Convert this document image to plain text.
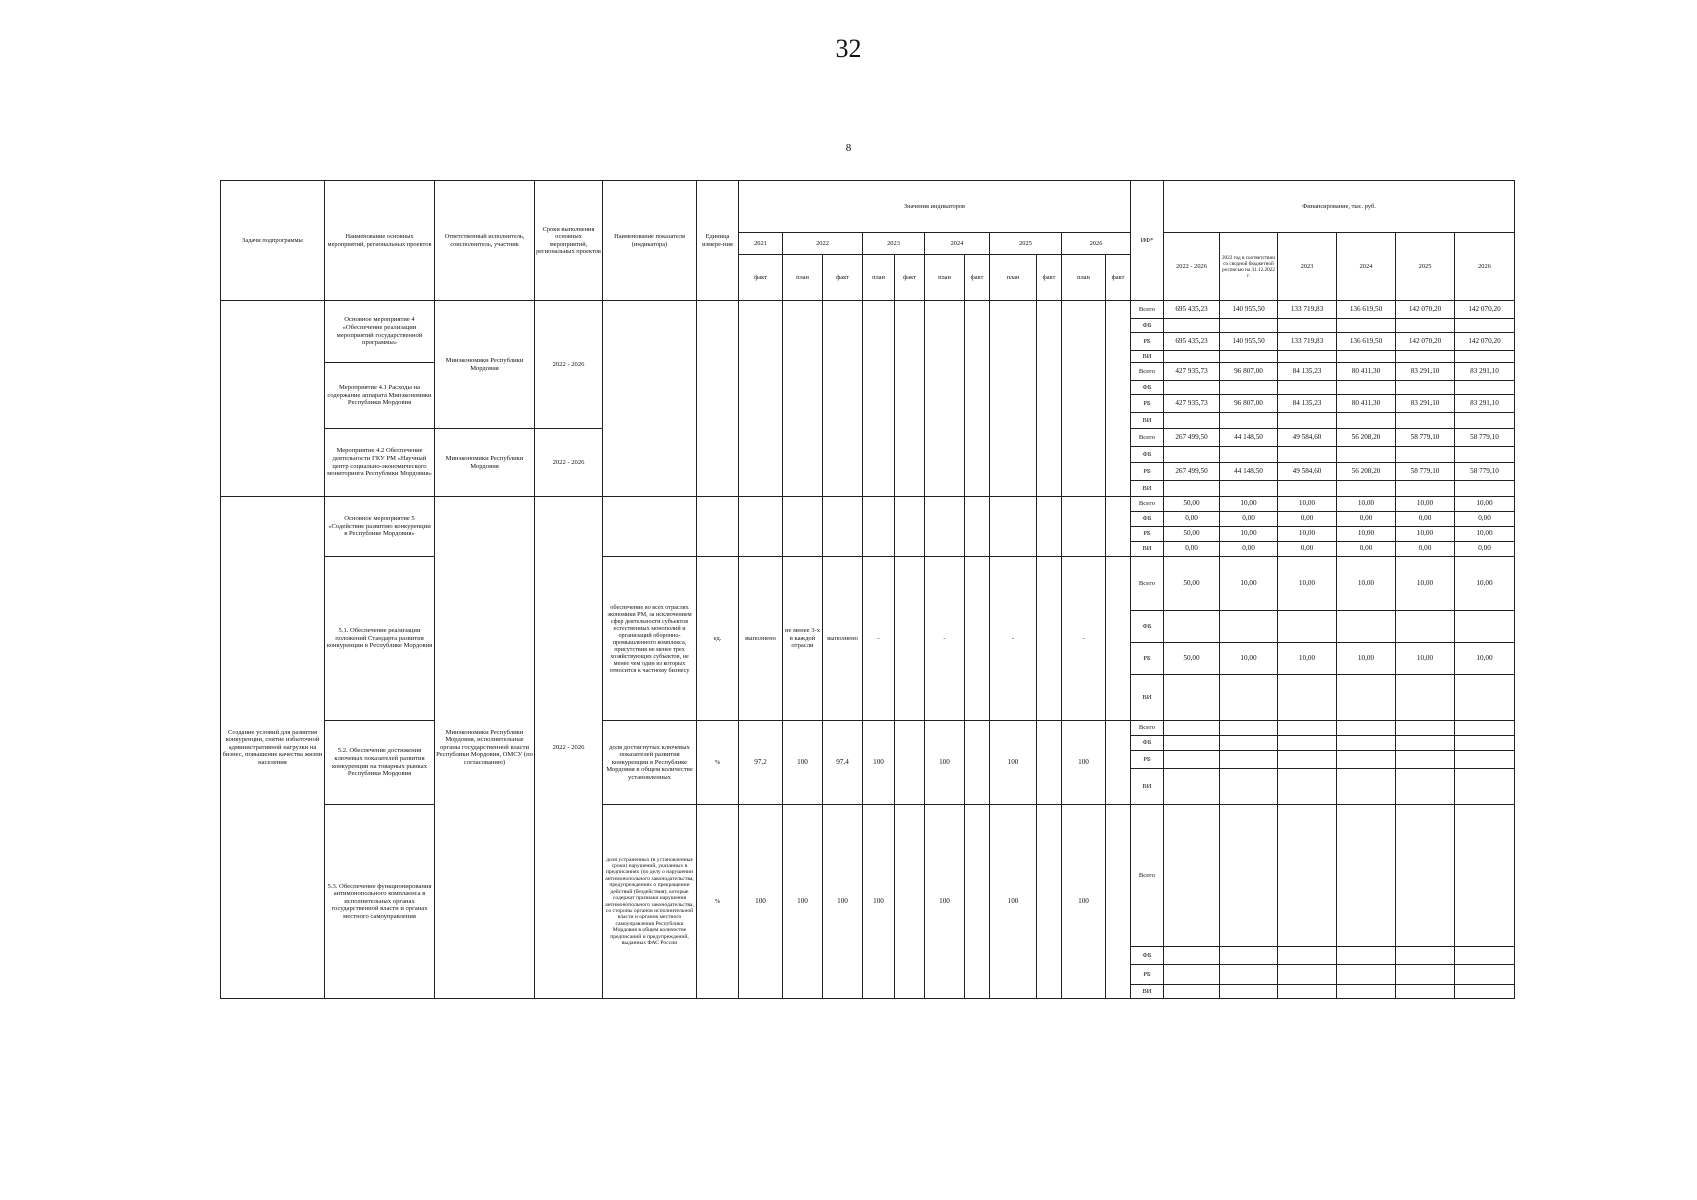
32
8
Задачи подпрограммы	Наименование основных мероприятий, региональных проектов	Ответственный исполнитель, соисполнитель, участник	Сроки выполнения основных мероприятий, региональных проектов	Наименование показателя (индикатора)	Единица измере-ния	Значения индикаторов											ИФ*	Финансирование, тыс. руб.					
						2021	2022		2023		2024		2025		2026			2022 - 2026	2022 год в соответствии со сводной бюджетной росписью на 31.12.2022 г.	2023	2024	2025	2026
						факт	план	факт	план	факт	план	факт	план	факт	план	факт							
	Основное мероприятие 4 «Обеспечение реализации мероприятий государственной программы»	Минэкономики Республики Мордовия	2022 - 2026														Всего	695 435,23	140 955,50	133 719,83	136 619,50	142 070,20	142 070,20
																	ФБ						
																	РБ	695 435,23	140 955,50	133 719,83	136 619,50	142 070,20	142 070,20
																	ВИ						
	Мероприятие 4.1 Расходы на содержание аппарата Минэкономики Республики Мордовия																Всего	427 935,73	96 807,00	84 135,23	80 411,30	83 291,10	83 291,10
																	ФБ						
																	РБ	427 935,73	96 807,00	84 135,23	80 411,30	83 291,10	83 291,10
																	ВИ						
	Мероприятие 4.2 Обеспечение деятельности ГКУ РМ «Научный центр социально-экономического мониторинга Республики Мордовия»	Минэкономики Республики Мордовия	2022 - 2026														Всего	267 499,50	44 148,50	49 584,60	56 208,20	58 779,10	58 779,10
																	ФБ						
																	РБ	267 499,50	44 148,50	49 584,60	56 208,20	58 779,10	58 779,10
																	ВИ						
Создание условий для развития конкуренции, снятие избыточной административной нагрузки на бизнес, повышение качества жизни населения	Основное мероприятие 5 «Содействие развитию конкуренции в Республике Мордовия»	Минэкономики Республики Мордовия, исполнительные органы государственной власти Республики Мордовия, ОМСУ (по согласованию)	2022 - 2026														Всего	50,00	10,00	10,00	10,00	10,00	10,00
																	ФБ	0,00	0,00	0,00	0,00	0,00	0,00
																	РБ	50,00	10,00	10,00	10,00	10,00	10,00
																	ВИ	0,00	0,00	0,00	0,00	0,00	0,00
	5.1. Обеспечение реализации положений Стандарта развития конкуренции в Республике Мордовия			обеспечение во всех отраслях экономики РМ, за исключением сфер деятельности субъектов естественных монополий и организаций оборонно-промышленного комплекса, присутствия не менее трех хозяйствующих субъектов, не менее чем один из которых относится к частному бизнесу	ед.	выполнено	не менее 3-х в каждой отрасли	выполнено	-		-		-		-		Всего	50,00	10,00	10,00	10,00	10,00	10,00
																	ФБ						
																	РБ	50,00	10,00	10,00	10,00	10,00	10,00
																	ВИ						
	5.2. Обеспечение достижения ключевых показателей развития конкуренции на товарных рынках Республики Мордовия			доля достигнутых ключевых показателей развития конкуренции в Республике Мордовия в общем количестве установленных	%	97,2	100	97,4	100		100		100		100		Всего						
																	ФБ						
																	РБ						
																	ВИ						
	5.3. Обеспечение функционирования антимонопольного комплаенса в исполнительных органах государственной власти и органах местного самоуправления			доля устраненных (в установленные сроки) нарушений, указанных в предписаниях (по делу о нарушении антимонопольного законодательства, предупреждениях о прекращении действий (бездействия), которые содержат признаки нарушения антимонопольного законодательства, со стороны органов исполнительной власти и органов местного самоуправления Республики Мордовия в общем количестве предписаний и предупреждений, выданных ФАС России	%	100	100	100	100		100		100		100		Всего						
																	ФБ						
																	РБ						
																	ВИ						
